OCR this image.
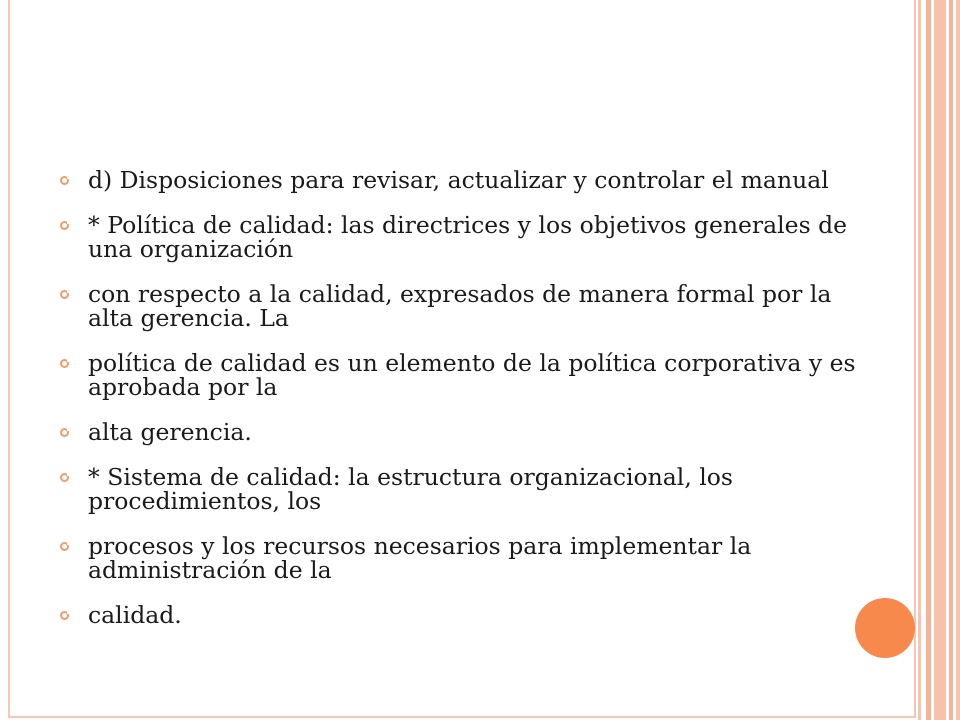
d) Disposiciones para revisar, actualizar y controlar el manual
* Política de calidad: las directrices y los objetivos generales de una organización
con respecto a la calidad, expresados de manera formal por la alta gerencia. La
política de calidad es un elemento de la política corporativa y es aprobada por la
alta gerencia.
* Sistema de calidad: la estructura organizacional, los procedimientos, los
procesos y los recursos necesarios para implementar la administración de la
calidad.
